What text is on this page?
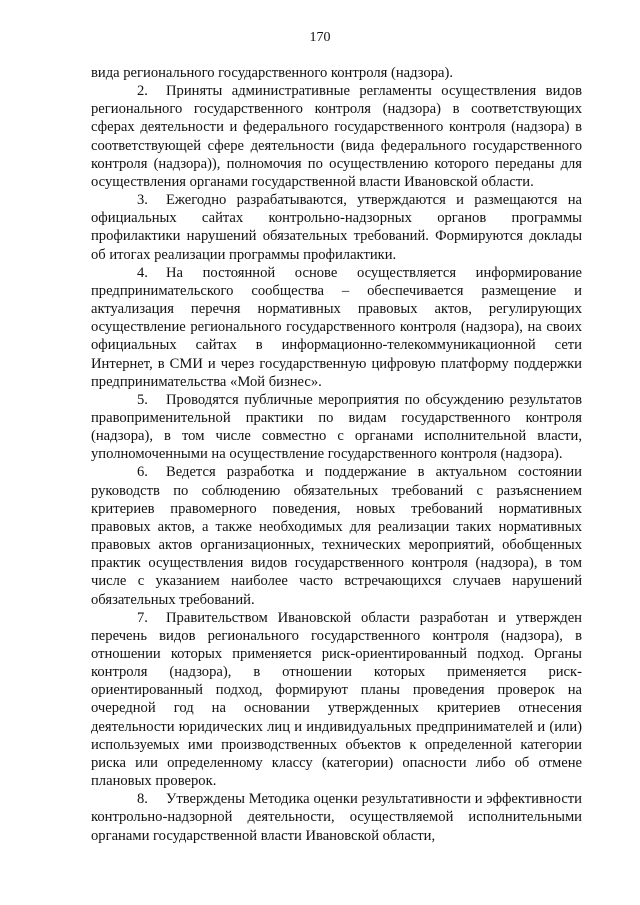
170

вида регионального государственного контроля (надзора).

2. Приняты административные регламенты осуществления видов регионального государственного контроля (надзора) в соответствующих сферах деятельности и федерального государственного контроля (надзора) в соответствующей сфере деятельности (вида федерального государственного контроля (надзора)), полномочия по осуществлению которого переданы для осуществления органами государственной власти Ивановской области.

3. Ежегодно разрабатываются, утверждаются и размещаются на официальных сайтах контрольно-надзорных органов программы профилактики нарушений обязательных требований. Формируются доклады об итогах реализации программы профилактики.

4. На постоянной основе осуществляется информирование предпринимательского сообщества – обеспечивается размещение и актуализация перечня нормативных правовых актов, регулирующих осуществление регионального государственного контроля (надзора), на своих официальных сайтах в информационно-телекоммуникационной сети Интернет, в СМИ и через государственную цифровую платформу поддержки предпринимательства «Мой бизнес».

5. Проводятся публичные мероприятия по обсуждению результатов правоприменительной практики по видам государственного контроля (надзора), в том числе совместно с органами исполнительной власти, уполномоченными на осуществление государственного контроля (надзора).

6. Ведется разработка и поддержание в актуальном состоянии руководств по соблюдению обязательных требований с разъяснением критериев правомерного поведения, новых требований нормативных правовых актов, а также необходимых для реализации таких нормативных правовых актов организационных, технических мероприятий, обобщенных практик осуществления видов государственного контроля (надзора), в том числе с указанием наиболее часто встречающихся случаев нарушений обязательных требований.

7. Правительством Ивановской области разработан и утвержден перечень видов регионального государственного контроля (надзора), в отношении которых применяется риск-ориентированный подход. Органы контроля (надзора), в отношении которых применяется риск-ориентированный подход, формируют планы проведения проверок на очередной год на основании утвержденных критериев отнесения деятельности юридических лиц и индивидуальных предпринимателей и (или) используемых ими производственных объектов к определенной категории риска или определенному классу (категории) опасности либо об отмене плановых проверок.

8. Утверждены Методика оценки результативности и эффективности контрольно-надзорной деятельности, осуществляемой исполнительными органами государственной власти Ивановской области,
